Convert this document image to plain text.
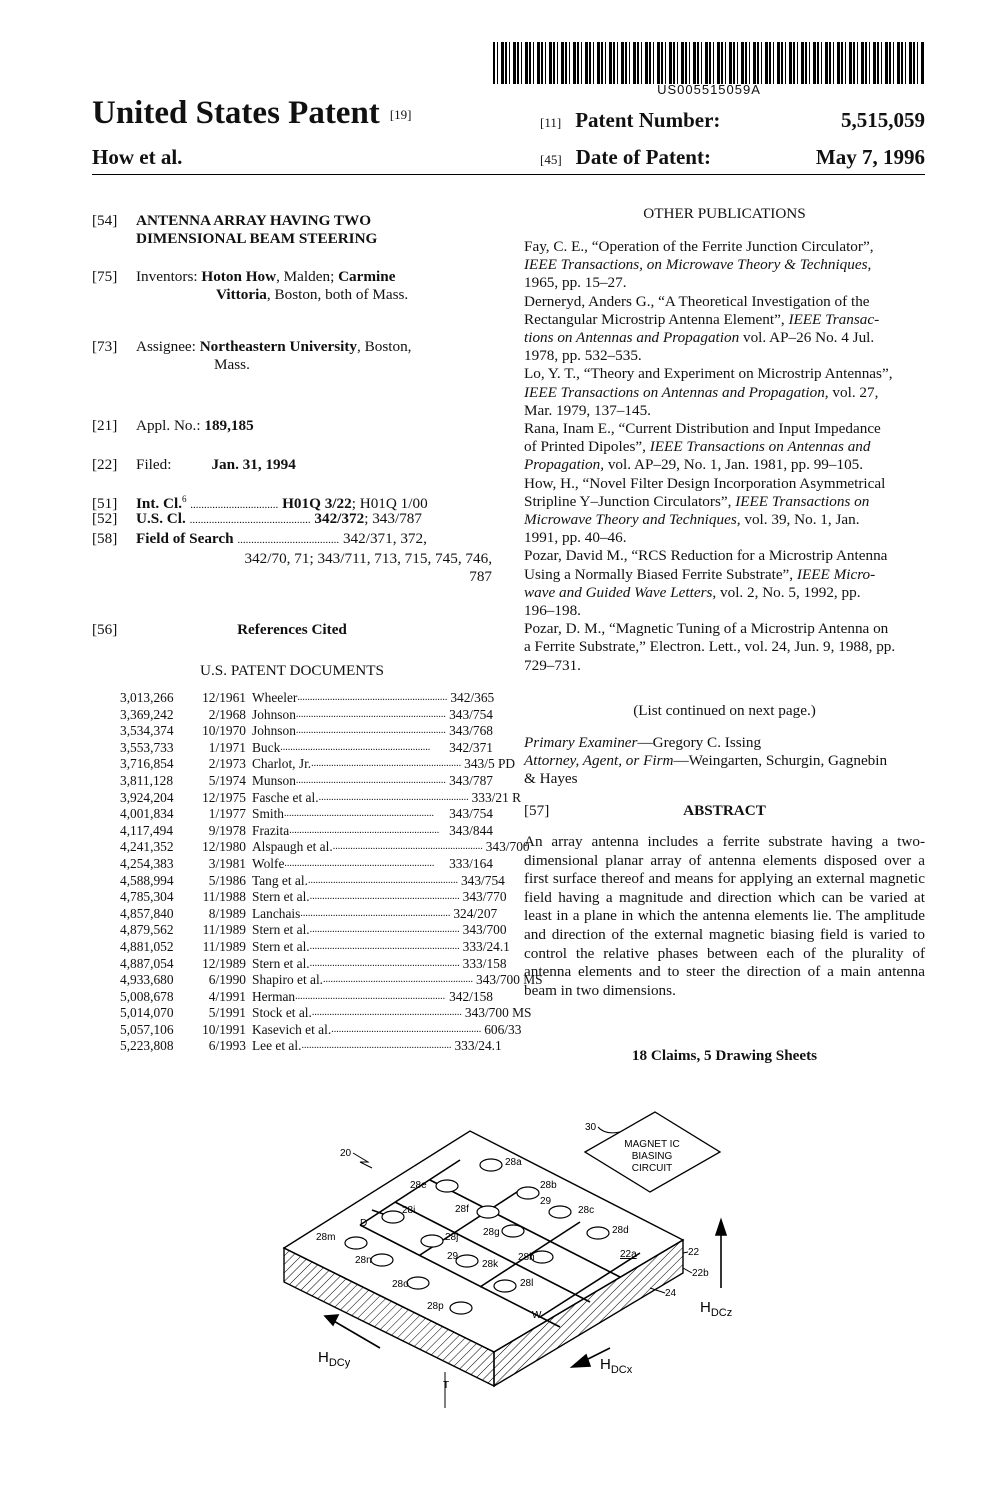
US005515059A
United States Patent [19]
How et al.
[11] Patent Number:	5,515,059
[45] Date of Patent:	May 7, 1996
[54] ANTENNA ARRAY HAVING TWO
DIMENSIONAL BEAM STEERING
[75] Inventors: Hoton How, Malden; Carmine
Vittoria, Boston, both of Mass.
[73] Assignee: Northeastern University, Boston,
Mass.
[21] Appl. No.: 189,185
[22] Filed:	Jan. 31, 1994
[51] Int. Cl.$^6$ ................................ H01Q 3/22; H01Q 1/00
[52] U.S. Cl. ............................................ 342/372; 343/787
[58] Field of Search ..................................... 342/371, 372,
342/70, 71; 343/711, 713, 715, 745, 746,
787
[56]	References Cited
U.S. PATENT DOCUMENTS
3,013,266	12/1961	Wheeler ............................................................ 342/365

3,369,242	2/1968	Johnson ............................................................ 343/754

3,534,374	10/1970	Johnson ............................................................ 343/768

3,553,733	1/1971	Buck ............................................................ 342/371

3,716,854	2/1973	Charlot, Jr. ............................................................ 343/5 PD

3,811,128	5/1974	Munson ............................................................ 343/787

3,924,204	12/1975	Fasche et al. ............................................................ 333/21 R

4,001,834	1/1977	Smith ............................................................ 343/754

4,117,494	9/1978	Frazita ............................................................ 343/844

4,241,352	12/1980	Alspaugh et al. ............................................................ 343/700

4,254,383	3/1981	Wolfe ............................................................ 333/164

4,588,994	5/1986	Tang et al. ............................................................ 343/754

4,785,304	11/1988	Stern et al. ............................................................ 343/770

4,857,840	8/1989	Lanchais ............................................................ 324/207

4,879,562	11/1989	Stern et al. ............................................................ 343/700

4,881,052	11/1989	Stern et al. ............................................................ 333/24.1

4,887,054	12/1989	Stern et al. ............................................................ 333/158

4,933,680	6/1990	Shapiro et al. ............................................................ 343/700 MS

5,008,678	4/1991	Herman ............................................................ 342/158

5,014,070	5/1991	Stock et al. ............................................................ 343/700 MS

5,057,106	10/1991	Kasevich et al. ............................................................ 606/33

5,223,808	6/1993	Lee et al. ............................................................ 333/24.1
OTHER PUBLICATIONS
Fay, C. E., “Operation of the Ferrite Junction Circulator”,
IEEE Transactions, on Microwave Theory & Techniques,
1965, pp. 15–27.
Derneryd, Anders G., “A Theoretical Investigation of the
Rectangular Microstrip Antenna Element”, IEEE Transac-
tions on Antennas and Propagation vol. AP–26 No. 4 Jul.
1978, pp. 532–535.
Lo, Y. T., “Theory and Experiment on Microstrip Antennas”,
IEEE Transactions on Antennas and Propagation, vol. 27,
Mar. 1979, 137–145.
Rana, Inam E., “Current Distribution and Input Impedance
of Printed Dipoles”, IEEE Transactions on Antennas and
Propagation, vol. AP–29, No. 1, Jan. 1981, pp. 99–105.
How, H., “Novel Filter Design Incorporation Asymmetrical
Stripline Y–Junction Circulators”, IEEE Transactions on
Microwave Theory and Techniques, vol. 39, No. 1, Jan.
1991, pp. 40–46.
Pozar, David M., “RCS Reduction for a Microstrip Antenna
Using a Normally Biased Ferrite Substrate”, IEEE Micro-
wave and Guided Wave Letters, vol. 2, No. 5, 1992, pp.
196–198.
Pozar, D. M., “Magnetic Tuning of a Microstrip Antenna on
a Ferrite Substrate,” Electron. Lett., vol. 24, Jun. 9, 1988, pp.
729–731.
(List continued on next page.)
Primary Examiner—Gregory C. Issing
Attorney, Agent, or Firm—Weingarten, Schurgin, Gagnebin
& Hayes
[57]	ABSTRACT
An array antenna includes a ferrite substrate having a two-dimensional planar array of antenna elements disposed over a first surface thereof and means for applying an external magnetic field having a magnitude and direction which can be varied at least in a plane in which the antenna elements lie. The amplitude and direction of the external magnetic biasing field is varied to control the relative phases between each of the plurality of antenna elements and to steer the direction of a main antenna beam in two dimensions.
18 Claims, 5 Drawing Sheets
MAGNET IC
BIASING
CIRCUIT
30
20
28a
28b
28c
28d
28e
28f
28g
28h
28i
28j
28k
28l
28m
28n
28o
28p
29
29	22a
D
W
22
22b
24
T
$H_{DCz}$
$H_{DCy}$	$H_{DCx}$
